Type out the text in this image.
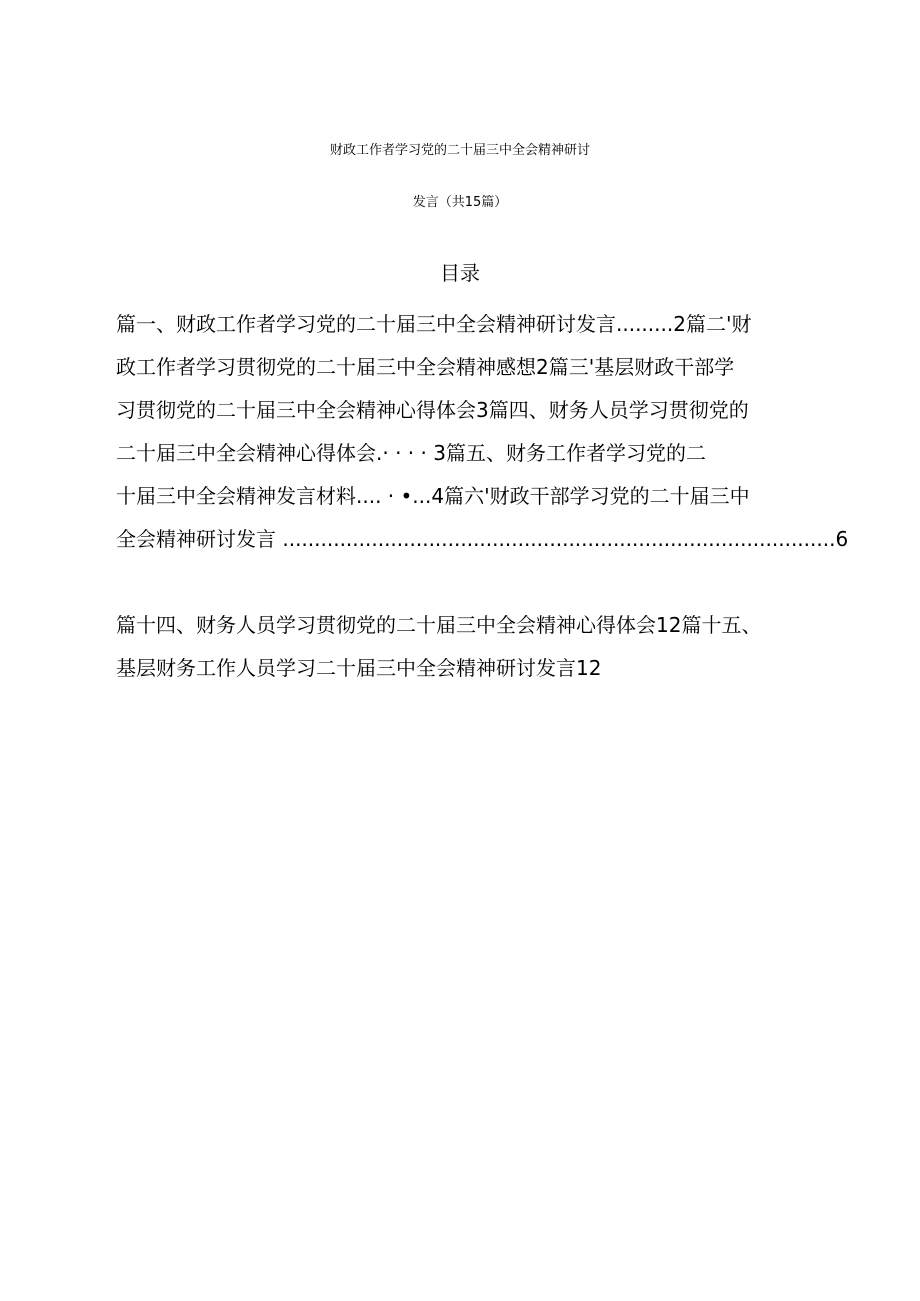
财政工作者学习党的二十届三中全会精神研讨
发言（共15篇）
目录
篇一、财政工作者学习党的二十届三中全会精神研讨发言.........2篇二'财
政工作者学习贯彻党的二十届三中全会精神感想2篇三'基层财政干部学
习贯彻党的二十届三中全会精神心得体会3篇四、财务人员学习贯彻党的
二十届三中全会精神心得体会.· · · · 3篇五、财务工作者学习党的二
十届三中全会精神发言材料.... · •...4篇六'财政干部学习党的二十届三中
全会精神研讨发言 .......................................................................................6
篇十四、财务人员学习贯彻党的二十届三中全会精神心得体会12篇十五、
基层财务工作人员学习二十届三中全会精神研讨发言12
